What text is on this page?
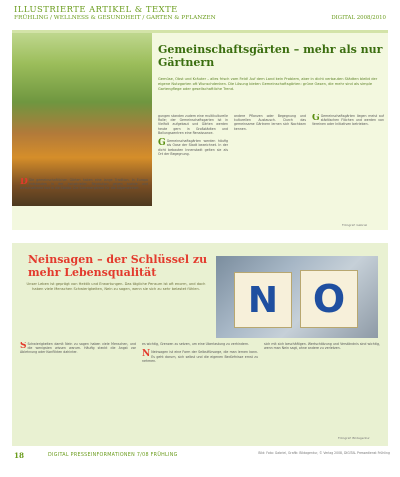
ILLUSTRIERTE ARTIKEL & TEXTE
FRÜHLING / WELLNESS & GESUNDHEIT / GARTEN & PFLANZEN	DIGITAL 2008/2010
Gemeinschaftsgärten – mehr als nur Gärtnern
Gemüse, Obst und Kräuter – alles frisch vom Feld! Auf dem Land kein Problem, aber in dicht verbauten Städten bleibt der eigene Nutzgarten oft Wunschdenken. Die Lösung bieten Gemeinschaftsgärten: grüne Oasen, die mehr sind als simple Gartengflege oder gesellschaftliche Trend.
gungen standen zudem eine multikulturelle Rolle; der Gemeinschaftsgarten ist in Vielfalt aufgebaut und Gärten werden heute gern in Großstädten und Ballungszentren eine Renaissance.

G Gemeinschaftsgärten werden häufig als Oase der Stadt bezeichnet. In der dicht bebauten Innenstadt gelten sie als Ort der Begegnung.
andere Pflanzen oder Begegnung und kulturellen Austausch. Durch das gemeinsame Gärtnern lernen sich Nachbarn kennen.
G Gemeinschaftsgärten liegen meist auf städtischen Flächen und werden von Vereinen oder Initiativen betrieben.
D Die gemeinschaftlichen Gärten haben eine lange Tradition. In Europa entstanden in der industriellen Revolution gegen soziale und wirtschaftliche Not in die Städte. Die Schrebergärten für die Allgemeinheit.
Fotograf: Gabriel
Neinsagen – der Schlüssel zu mehr Lebensqualität
Unser Leben ist geprägt von Hektik und Erwartungen. Das tägliche Pensum ist oft enorm, und doch haben viele Menschen Schwierigkeiten, Nein zu sagen, wenn sie sich zu sehr belastet fühlen.	N O
S Schwierigkeiten damit Nein zu sagen haben viele Menschen, und die wenigsten wissen warum. Häufig steckt die Angst vor Ablehnung oder Konflikten dahinter.
es wichtig, Grenzen zu setzen, um eine Überlastung zu verhindern.

N Neinsagen ist eine Form der Selbstfürsorge, die man lernen kann. Es geht darum, sich selbst und die eigenen Bedürfnisse ernst zu nehmen.
sich mit sich beschäftigen. Wertschätzung und Verständnis sind wichtig, wenn man Nein sagt, ohne andere zu verletzen.
Fotograf: Bildagentur
18	DIGITAL PRESSEINFORMATIONEN 7/08 FRÜHLING	Bild: Foto: Gabriel, Grafik: Bildagentur, © Verlag 2008, DIGITAL Pressedienst Frühling
